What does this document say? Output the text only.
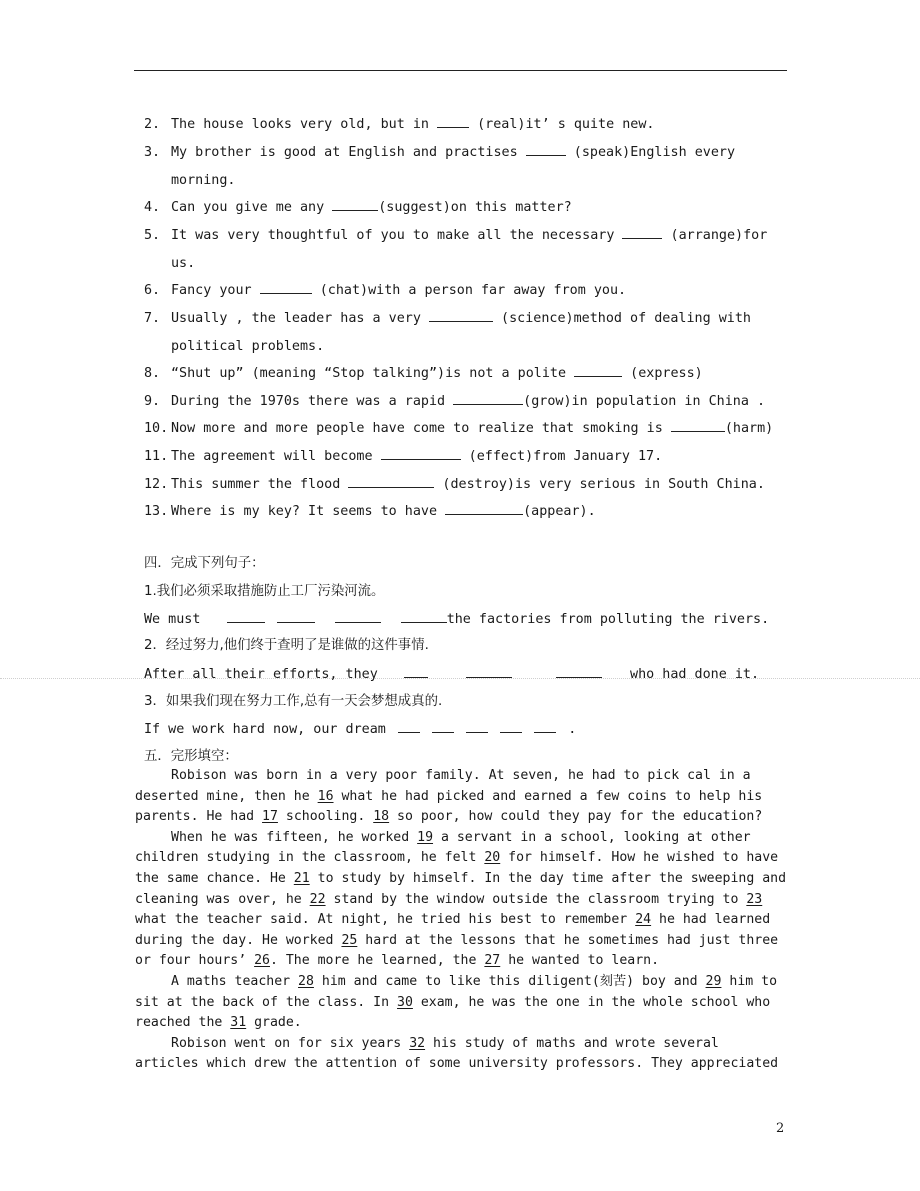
2. The house looks very old, but in  (real)it’ s quite new.
3. My brother is good at English and practises	(speak)English every morning.
4. Can you give me any	(suggest)on this matter?
5. It was very thoughtful of you to make all the necessary	(arrange)for us.
6. Fancy your	(chat)with a person far away from you.
7. Usually , the leader has a very	(science)method of dealing with political problems.
8. “Shut up” (meaning “Stop talking”)is not a polite	(express)
9. During the 1970s there was a rapid	(grow)in population in China .
10. Now more and more people have come to realize that smoking is	(harm)
11. The agreement will become	(effect)from January 17.
12. This summer the flood	(destroy)is very serious in South China.
13. Where is my key? It seems to have	(appear).
四．完成下列句子：
1.我们必须采取措施防止工厂污染河流。
We must	the factories from polluting the rivers.
2．经过努力,他们终于查明了是谁做的这件事情.
After all their efforts, they	who had done it.
3．如果我们现在努力工作,总有一天会梦想成真的.
If we work hard now, our dream	.
五．完形填空：

Robison was born in a very poor family. At seven, he had to pick cal in a deserted mine, then he 16 what he had picked and earned a few coins to help his parents. He had 17 schooling. 18 so poor, how could they pay for the education?

When he was fifteen, he worked 19 a servant in a school, looking at other children studying in the classroom, he felt 20 for himself. How he wished to have the same chance. He 21 to study by himself. In the day time after the sweeping and cleaning was over, he 22 stand by the window outside the classroom trying to 23 what the teacher said. At night, he tried his best to remember 24 he had learned during the day. He worked 25 hard at the lessons that he sometimes had just three or four hours’ 26. The more he learned, the 27 he wanted to learn.

A maths teacher 28 him and came to like this diligent(刻苦) boy and 29 him to sit at the back of the class. In 30 exam, he was the one in the whole school who reached the 31 grade.

Robison went on for six years 32 his study of maths and wrote several articles which drew the attention of some university professors. They appreciated

2
